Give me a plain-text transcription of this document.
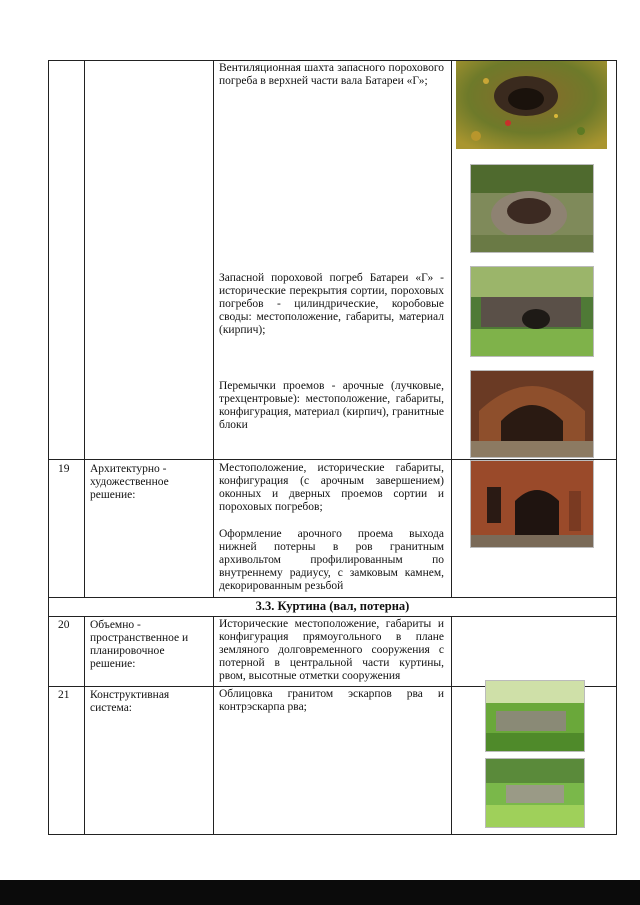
Вентиляционная шахта запасного порохового погреба в верхней части вала Батареи «Г»;
Запасной пороховой погреб Батареи «Г» - исторические перекрытия сортии, пороховых погребов - цилиндрические, коробовые своды: местоположение, габариты, материал (кирпич);
Перемычки проемов - арочные (лучковые, трехцентровые): местоположение, габариты, конфигурация, материал (кирпич), гранитные блоки
19 Архитектурно - художественное решение:
Местоположение, исторические габариты, конфигурация (с арочным завершением) оконных и дверных проемов сортии и пороховых погребов;
Оформление арочного проема выхода нижней потерны в ров гранитным архивольтом профилированным по внутреннему радиусу, с замковым камнем, декорированным резьбой
3.3. Куртина (вал, потерна)
20 Объемно - пространственное и планировочное решение:
Исторические местоположение, габариты и конфигурация прямоугольного в плане земляного долговременного сооружения с потерной в центральной части куртины, рвом, высотные отметки сооружения
21 Конструктивная система:
Облицовка гранитом эскарпов рва и контрэскарпа рва;
